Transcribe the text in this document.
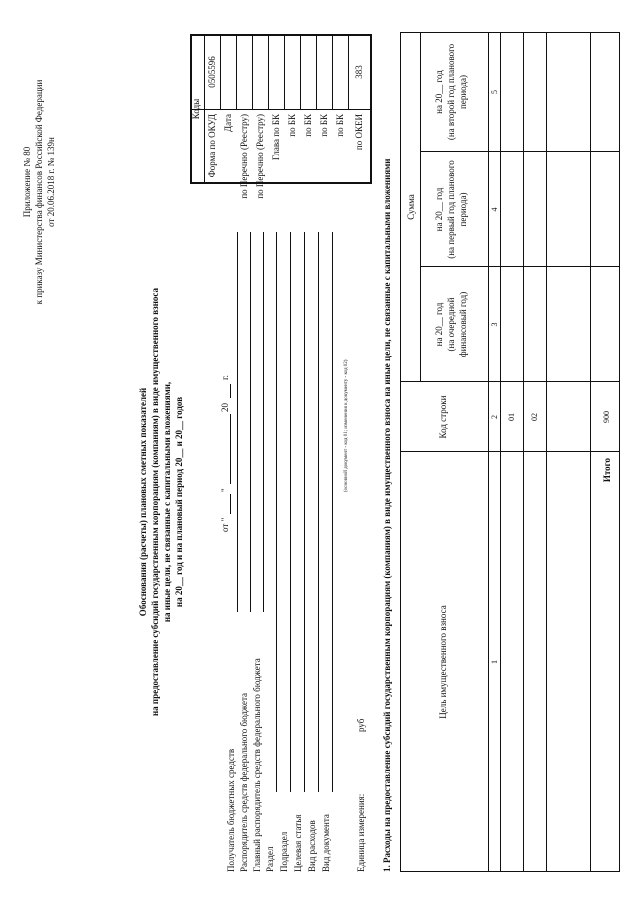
Приложение № 80 к приказу Министерства финансов Российской Федерации от 20.06.2018 г. № 139н
Обоснования (расчеты) плановых сметных показателей на предоставление субсидий государственным корпорациям (компаниям) в виде имущественного взноса на иные цели, не связанные с капитальными вложениями, на 20__ год и на плановый период 20__ и 20__ годов	от "
"
20
г.
Коды
Форма по ОКУД
0505596
Дата по Перечню (Реестру) по Перечню (Реестру) Глава по БК по БК по БК по БК по БК по ОКЕИ
383
Получатель бюджетных средств Распорядитель средств федерального бюджета Главный распорядитель средств федерального бюджета Раздел Подраздел Целевая статья Вид расходов Вид документа
(основной документ - код 01; изменения к документу - код 02)
Единица измерения:
руб 1. Расходы на предоставление субсидий государственным корпорациям (компаниям) в виде имущественного взноса на иные цели, не связанные с капитальными вложениями	Цель имущественного взноса
Код строки
Сумма
на 20__ год (на очередной финансовый год)
на 20__ год (на первый год планового периода)
на 20__ год (на второй год планового периода)
1
2
3
4
5
01 02
Итого
900
